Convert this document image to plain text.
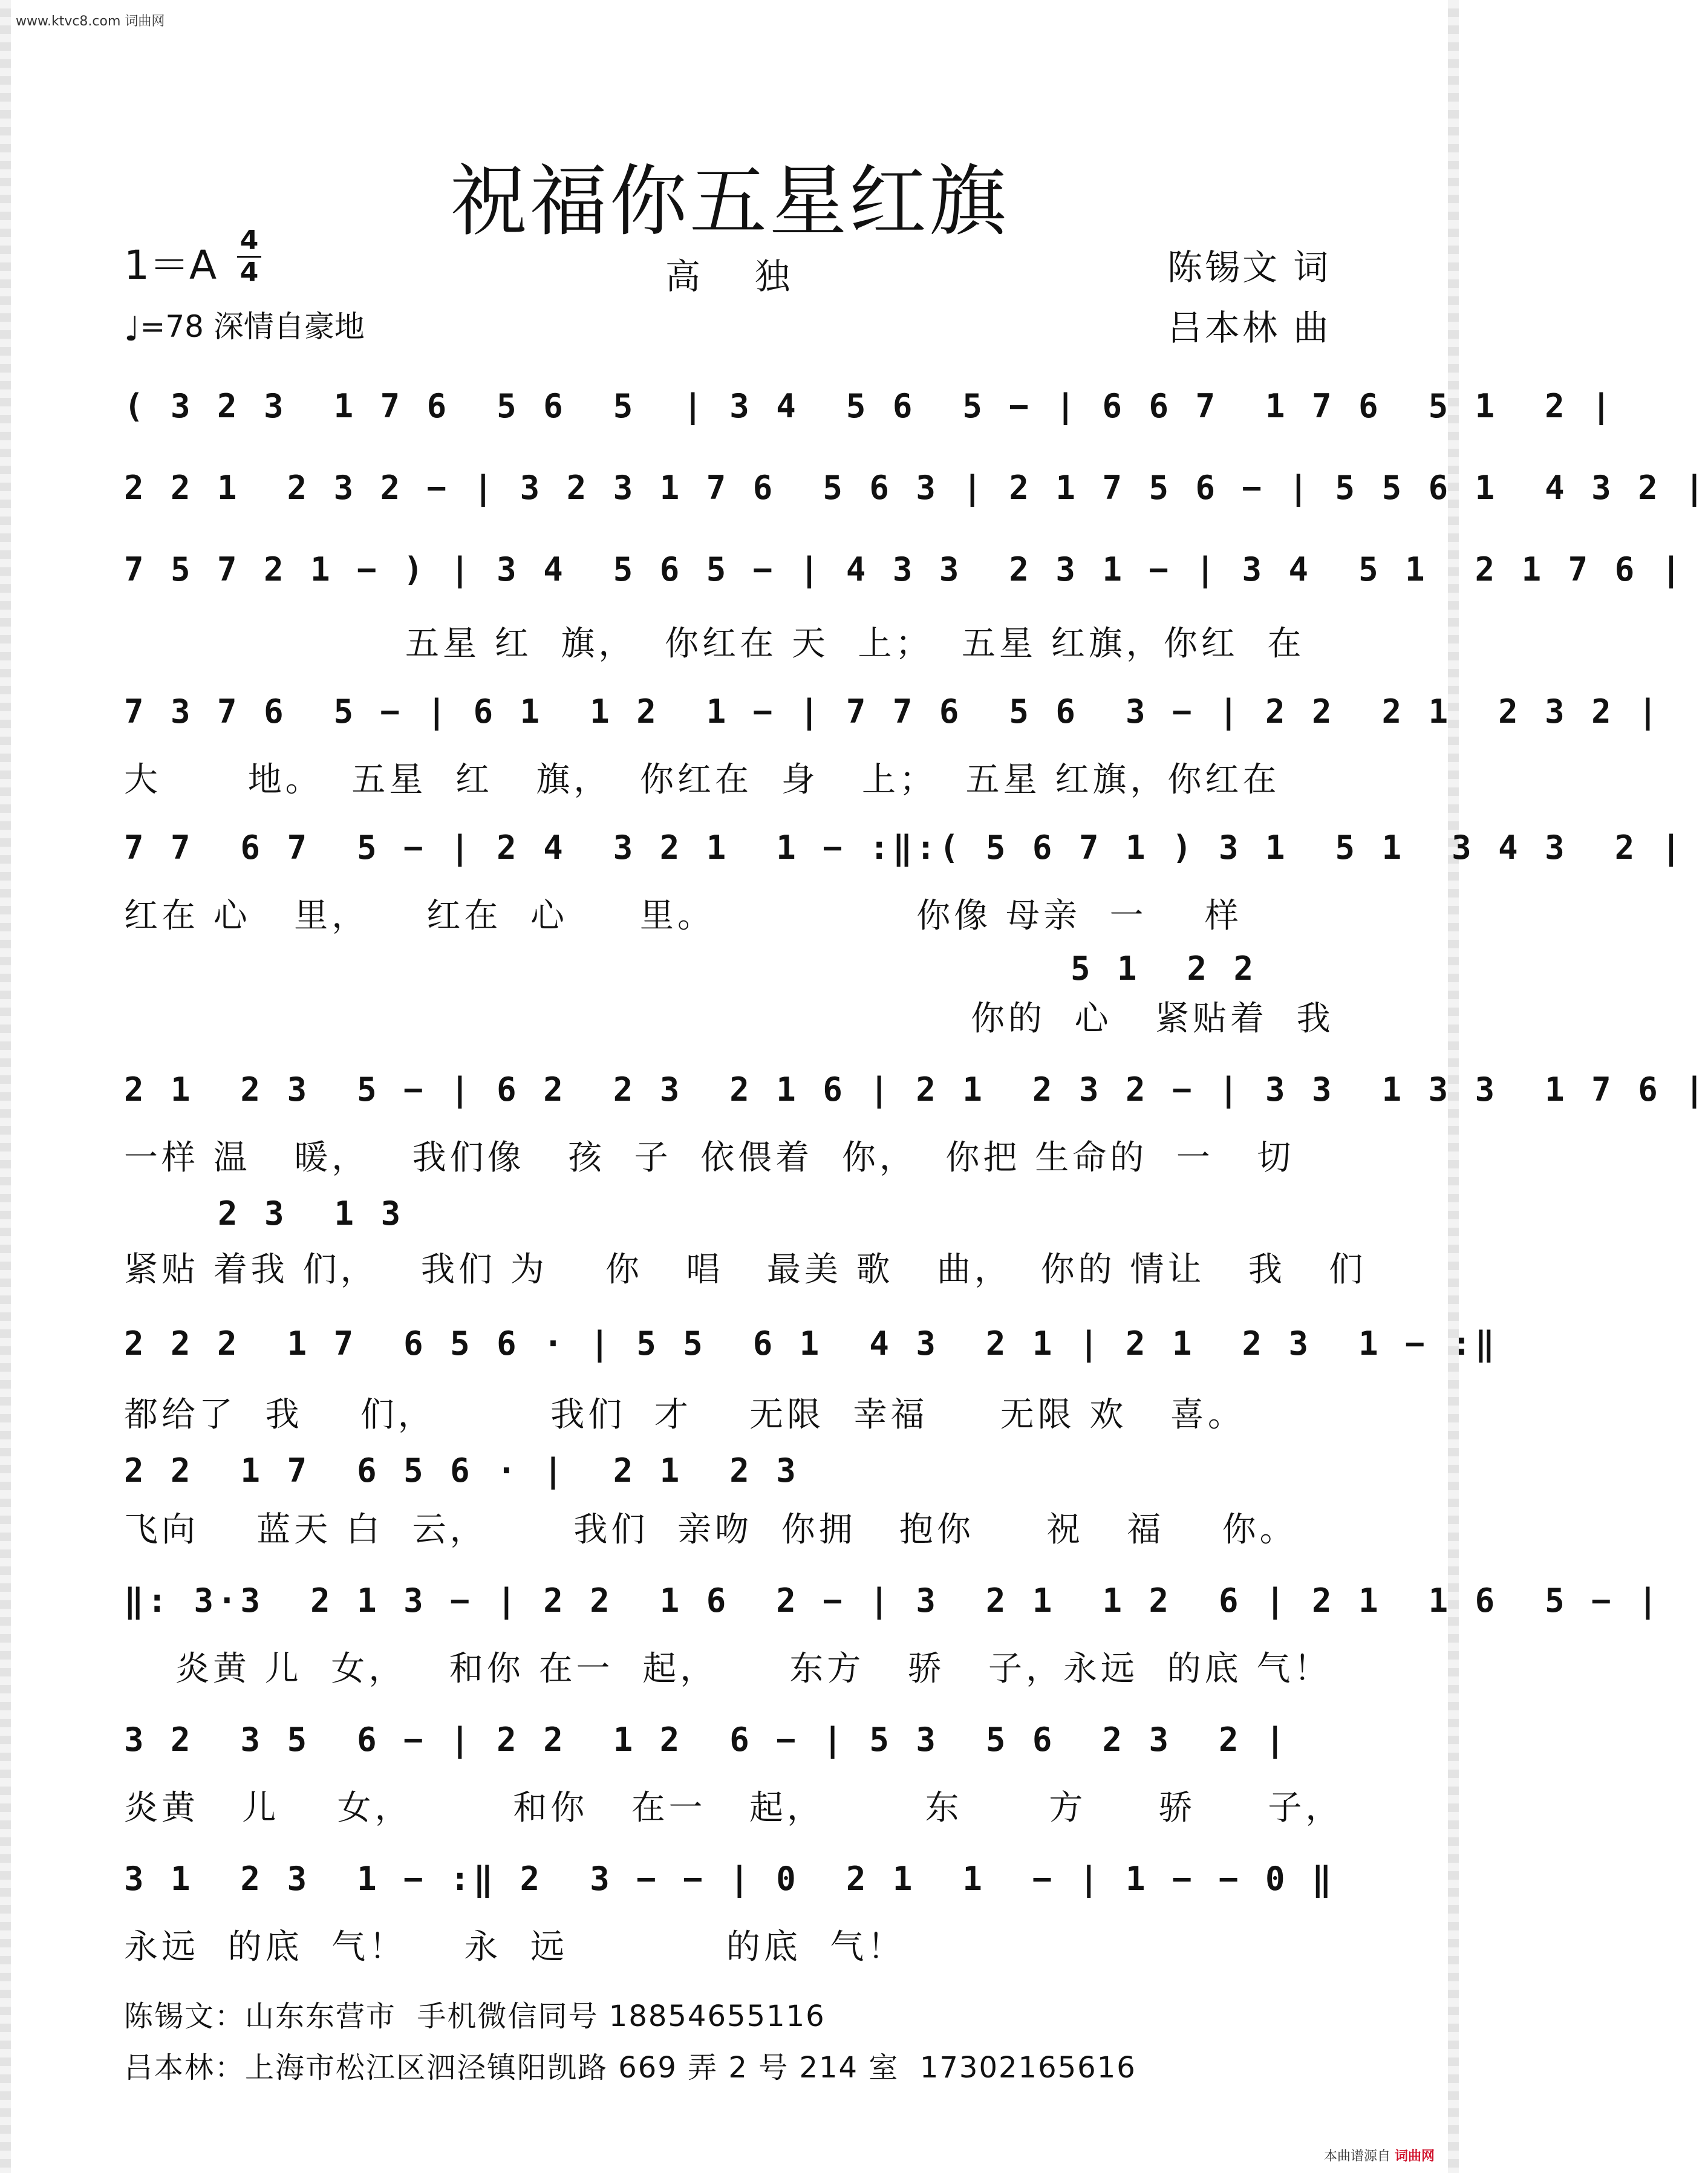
www.ktvc8.com 词曲网
祝福你五星红旗
1＝A
4
4
♩=78 深情自豪地
高独	陈锡文 词
吕本林 曲
( 3 2 3  1 7 6  5 6  5  | 3 4  5 6  5 − | 6 6 7  1 7 6  5 1  2 |
2 2 1  2 3 2 − | 3 2 3 1 7 6  5 6 3 | 2 1 7 5 6 − | 5 5 6 1  4 3 2 |
7 5 7 2 1 − ) | 3 4  5 6 5 − | 4 3 3  2 3 1 − | 3 4  5 1  2 1 7 6 |
五星 红  旗，  你红在 天  上；  五星 红旗，你红  在
7 3 7 6  5 − | 6 1  1 2  1 − | 7 7 6  5 6  3 − | 2 2  2 1  2 3 2 |
大      地。  五星  红   旗，  你红在  身   上；  五星 红旗，你红在
7 7  6 7  5 − | 2 4  3 2 1  1 − :‖:( 5 6 7 1 ) 3 1  5 1  3 4 3  2 |
红在 心   里，    红在  心     里。              你像 母亲  一    样
5 1  2 2
你的  心   紧贴着  我
2 1  2 3  5 − | 6 2  2 3  2 1 6 | 2 1  2 3 2 − | 3 3  1 3 3  1 7 6 |
一样 温   暖，   我们像   孩  子  依偎着  你，  你把 生命的  一   切
2 3  1 3
紧贴 着我 们，   我们 为    你   唱   最美 歌   曲，  你的 情让   我   们
2 2 2  1 7  6 5 6 · | 5 5  6 1  4 3  2 1 | 2 1  2 3  1 − :‖
都给了  我    们，        我们  才    无限  幸福     无限 欢   喜。
2 2  1 7  6 5 6 · |  2 1  2 3
飞向    蓝天 白  云，      我们  亲吻  你拥   抱你     祝   福    你。
‖: 3·3  2 1 3 − | 2 2  1 6  2 − | 3  2 1  1 2  6 | 2 1  1 6  5 − |
炎黄 儿  女，   和你 在一  起，     东方   骄   子，永远  的底 气！
3 2  3 5  6 − | 2 2  1 2  6 − | 5 3  5 6  2 3  2 |
炎黄   儿    女，       和你   在一   起，       东      方     骄     子，
3 1  2 3  1 − :‖ 2  3 − − | 0  2 1  1  − | 1 − − 0 ‖
永远  的底  气！    永  远           的底  气！
陈锡文：山东东营市  手机微信同号 18854655116
吕本林：上海市松江区泗泾镇阳凯路 669 弄 2 号 214 室  17302165616
本曲谱源自 词曲网
